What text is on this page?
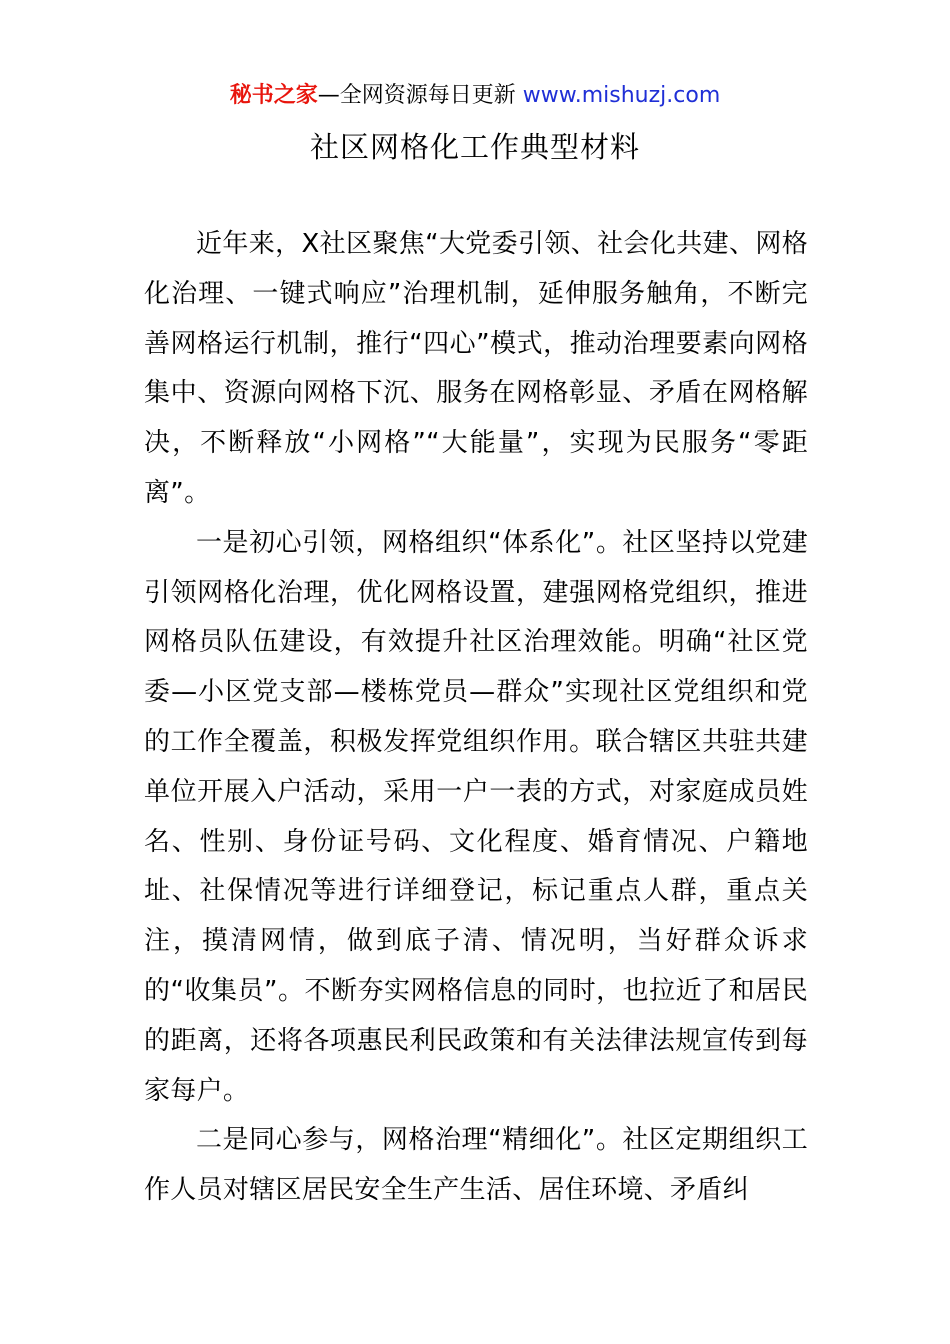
秘书之家—全网资源每日更新 www.mishuzj.com
社区网格化工作典型材料

近年来，X社区聚焦“大党委引领、社会化共建、网格化治理、一键式响应”治理机制，延伸服务触角，不断完善网格运行机制，推行“四心”模式，推动治理要素向网格集中、资源向网格下沉、服务在网格彰显、矛盾在网格解决，不断释放“小网格”“大能量”，实现为民服务“零距离”。

一是初心引领，网格组织“体系化”。社区坚持以党建引领网格化治理，优化网格设置，建强网格党组织，推进网格员队伍建设，有效提升社区治理效能。明确“社区党委—小区党支部—楼栋党员—群众”实现社区党组织和党的工作全覆盖，积极发挥党组织作用。联合辖区共驻共建单位开展入户活动，采用一户一表的方式，对家庭成员姓名、性别、身份证号码、文化程度、婚育情况、户籍地址、社保情况等进行详细登记，标记重点人群，重点关注，摸清网情，做到底子清、情况明，当好群众诉求的“收集员”。不断夯实网格信息的同时，也拉近了和居民的距离，还将各项惠民利民政策和有关法律法规宣传到每家每户。

二是同心参与，网格治理“精细化”。社区定期组织工作人员对辖区居民安全生产生活、居住环境、矛盾纠
